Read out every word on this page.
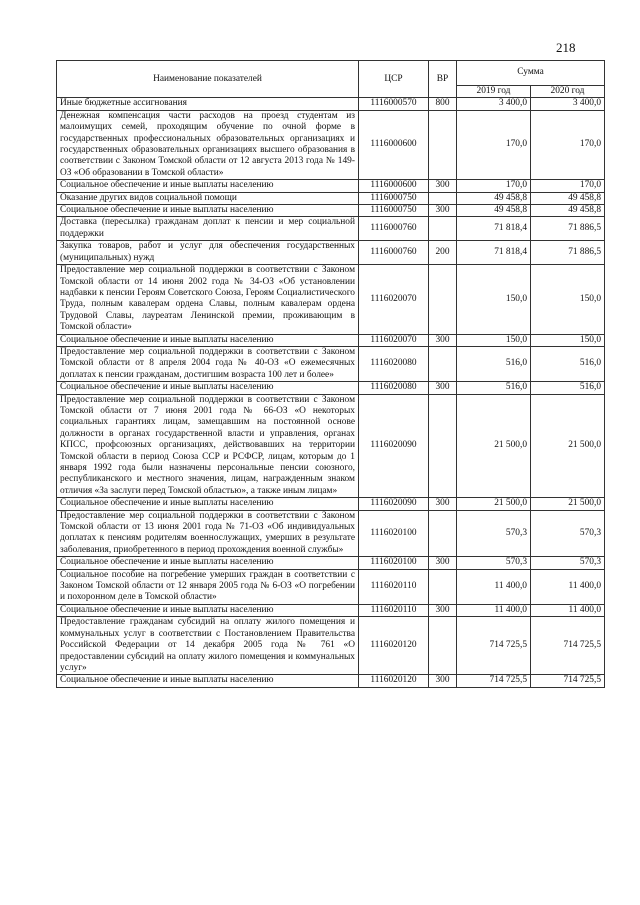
218
Наименование показателей	ЦСР	ВР	Сумма	
			2019 год	2020 год
Иные бюджетные ассигнования	1116000570	800	3 400,0	3 400,0
Денежная компенсация части расходов на проезд студентам из малоимущих семей, проходящим обучение по очной форме в государственных профессиональных образовательных организациях и государственных образовательных организациях высшего образования в соответствии с Законом Томской области от 12 августа 2013 года № 149-ОЗ «Об образовании в Томской области»	1116000600		170,0	170,0
Социальное обеспечение и иные выплаты населению	1116000600	300	170,0	170,0
Оказание других видов социальной помощи	1116000750		49 458,8	49 458,8
Социальное обеспечение и иные выплаты населению	1116000750	300	49 458,8	49 458,8
Доставка (пересылка) гражданам доплат к пенсии и мер социальной поддержки	1116000760		71 818,4	71 886,5
Закупка товаров, работ и услуг для обеспечения государственных (муниципальных) нужд	1116000760	200	71 818,4	71 886,5
Предоставление мер социальной поддержки в соответствии с Законом Томской области от 14 июня 2002 года № 34-ОЗ «Об установлении надбавки к пенсии Героям Советского Союза, Героям Социалистического Труда, полным кавалерам ордена Славы, полным кавалерам ордена Трудовой Славы, лауреатам Ленинской премии, проживающим в Томской области»	1116020070		150,0	150,0
Социальное обеспечение и иные выплаты населению	1116020070	300	150,0	150,0
Предоставление мер социальной поддержки в соответствии с Законом Томской области от 8 апреля 2004 года № 40-ОЗ «О ежемесячных доплатах к пенсии гражданам, достигшим возраста 100 лет и более»	1116020080		516,0	516,0
Социальное обеспечение и иные выплаты населению	1116020080	300	516,0	516,0
Предоставление мер социальной поддержки в соответствии с Законом Томской области от 7 июня 2001 года № 66-ОЗ «О некоторых социальных гарантиях лицам, замещавшим на постоянной основе должности в органах государственной власти и управления, органах КПСС, профсоюзных организациях, действовавших на территории Томской области в период Союза ССР и РСФСР, лицам, которым до 1 января 1992 года были назначены персональные пенсии союзного, республиканского и местного значения, лицам, награжденным знаком отличия «За заслуги перед Томской областью», а также иным лицам»	1116020090		21 500,0	21 500,0
Социальное обеспечение и иные выплаты населению	1116020090	300	21 500,0	21 500,0
Предоставление мер социальной поддержки в соответствии с Законом Томской области от 13 июня 2001 года № 71-ОЗ «Об индивидуальных доплатах к пенсиям родителям военнослужащих, умерших в результате заболевания, приобретенного в период прохождения военной службы»	1116020100		570,3	570,3
Социальное обеспечение и иные выплаты населению	1116020100	300	570,3	570,3
Социальное пособие на погребение умерших граждан в соответствии с Законом Томской области от 12 января 2005 года № 6-ОЗ «О погребении и похоронном деле в Томской области»	1116020110		11 400,0	11 400,0
Социальное обеспечение и иные выплаты населению	1116020110	300	11 400,0	11 400,0
Предоставление гражданам субсидий на оплату жилого помещения и коммунальных услуг в соответствии с Постановлением Правительства Российской Федерации от 14 декабря 2005 года № 761 «О предоставлении субсидий на оплату жилого помещения и коммунальных услуг»	1116020120		714 725,5	714 725,5
Социальное обеспечение и иные выплаты населению	1116020120	300	714 725,5	714 725,5
